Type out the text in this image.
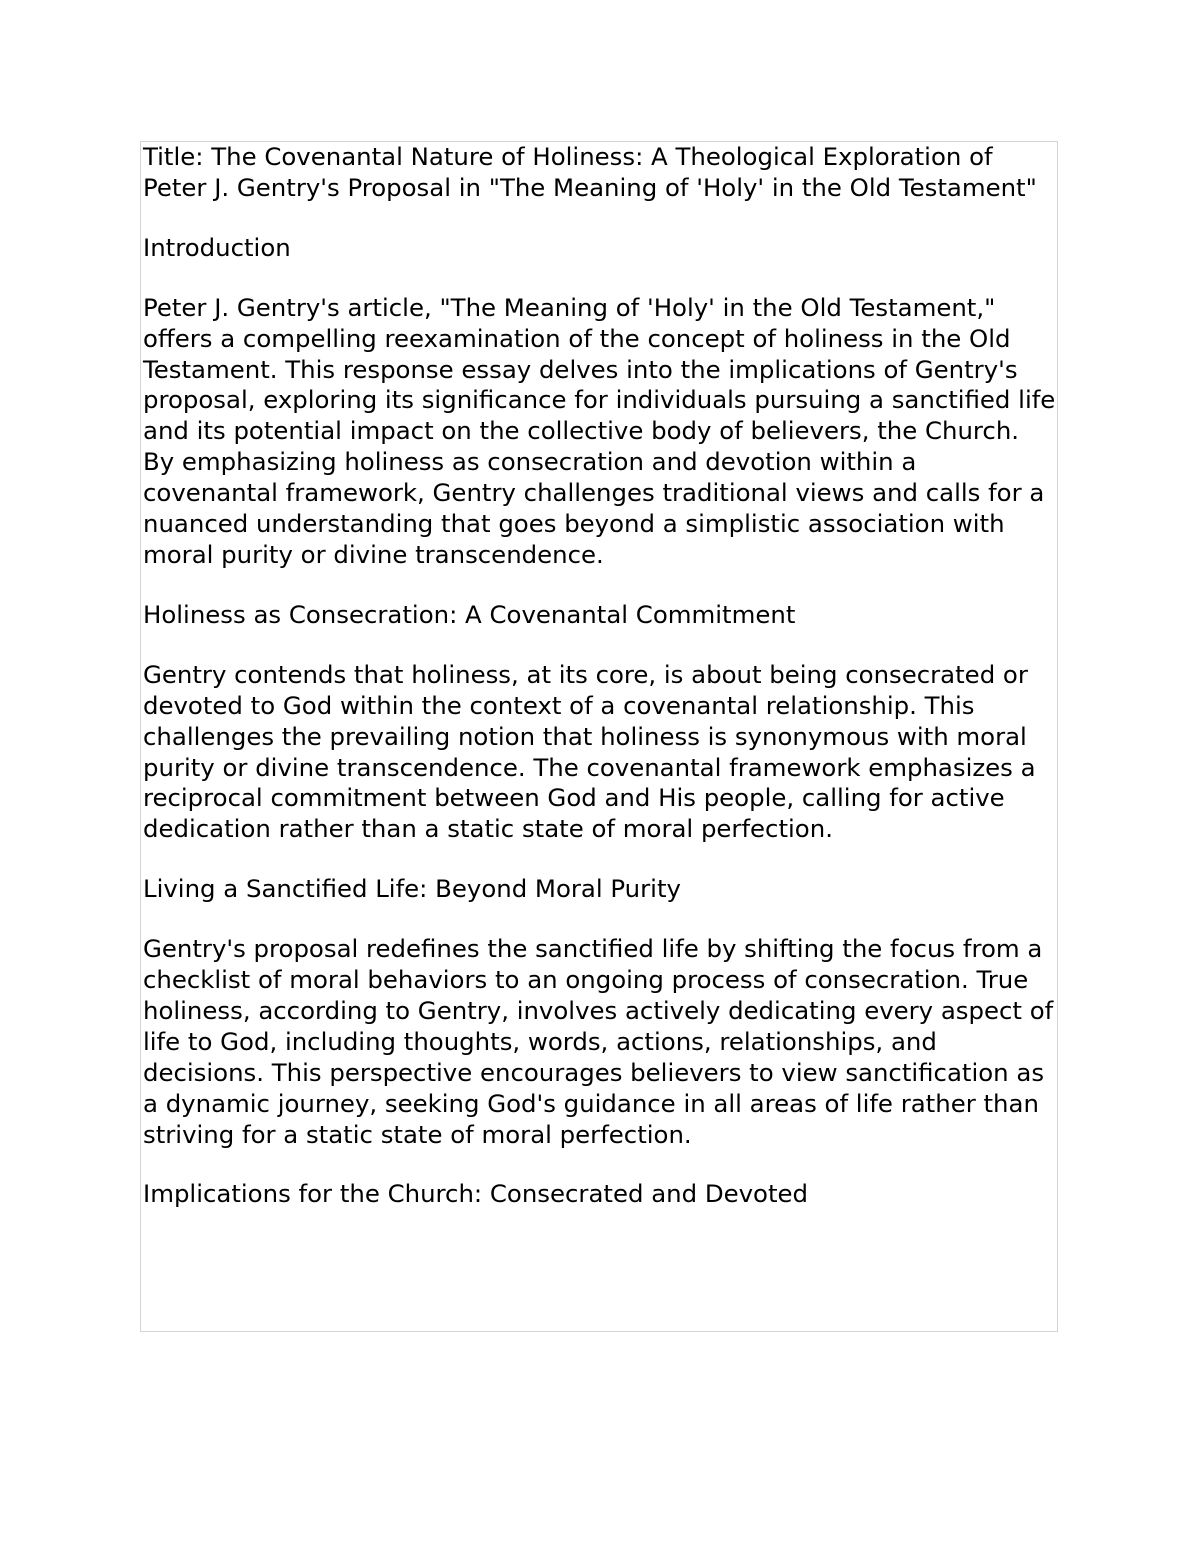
Title: The Covenantal Nature of Holiness: A Theological Exploration of Peter J. Gentry's Proposal in "The Meaning of 'Holy' in the Old Testament"

Introduction

Peter J. Gentry's article, "The Meaning of 'Holy' in the Old Testament," offers a compelling reexamination of the concept of holiness in the Old Testament. This response essay delves into the implications of Gentry's proposal, exploring its significance for individuals pursuing a sanctified life and its potential impact on the collective body of believers, the Church. By emphasizing holiness as consecration and devotion within a covenantal framework, Gentry challenges traditional views and calls for a nuanced understanding that goes beyond a simplistic association with moral purity or divine transcendence.

Holiness as Consecration: A Covenantal Commitment

Gentry contends that holiness, at its core, is about being consecrated or devoted to God within the context of a covenantal relationship. This challenges the prevailing notion that holiness is synonymous with moral purity or divine transcendence. The covenantal framework emphasizes a reciprocal commitment between God and His people, calling for active dedication rather than a static state of moral perfection.

Living a Sanctified Life: Beyond Moral Purity

Gentry's proposal redefines the sanctified life by shifting the focus from a checklist of moral behaviors to an ongoing process of consecration. True holiness, according to Gentry, involves actively dedicating every aspect of life to God, including thoughts, words, actions, relationships, and decisions. This perspective encourages believers to view sanctification as a dynamic journey, seeking God's guidance in all areas of life rather than striving for a static state of moral perfection.

Implications for the Church: Consecrated and Devoted
